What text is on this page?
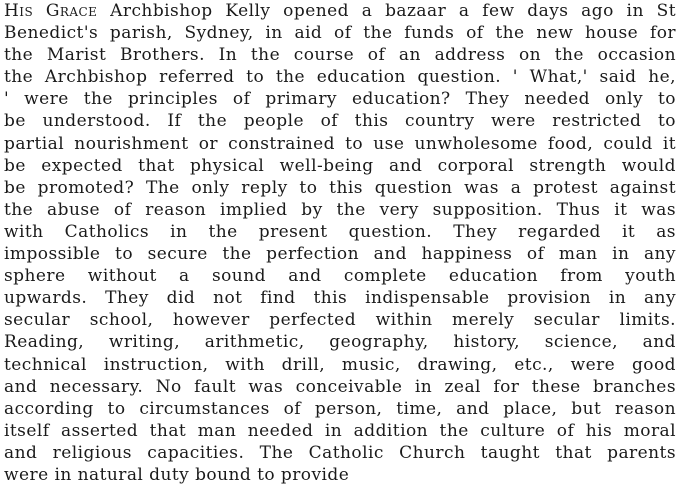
His Grace Archbishop Kelly opened a bazaar a few days ago in St
Benedict's parish, Sydney, in aid of the funds of the new house for
the Marist Brothers. In the course of an address on the occasion
the Archbishop referred to the education question. ' What,' said he,
' were the principles of primary education? They needed only to
be understood. If the people of this country were restricted to
partial nourishment or constrained to use unwholesome food, could it
be expected that physical well-being and corporal strength would
be promoted? The only reply to this question was a protest against
the abuse of reason implied by the very supposition. Thus it was
with Catholics in the present question. They regarded it as
impossible to secure the perfection and happiness of man in any
sphere without a sound and complete education from youth
upwards. They did not find this indispensable provision in any
secular school, however perfected within merely secular limits.
Reading, writing, arithmetic, geography, history, science, and
technical instruction, with drill, music, drawing, etc., were good
and necessary. No fault was conceivable in zeal for these branches
according to circumstances of person, time, and place, but reason
itself asserted that man needed in addition the culture of his moral
and religious capacities. The Catholic Church taught that parents
were in natural duty bound to provide
